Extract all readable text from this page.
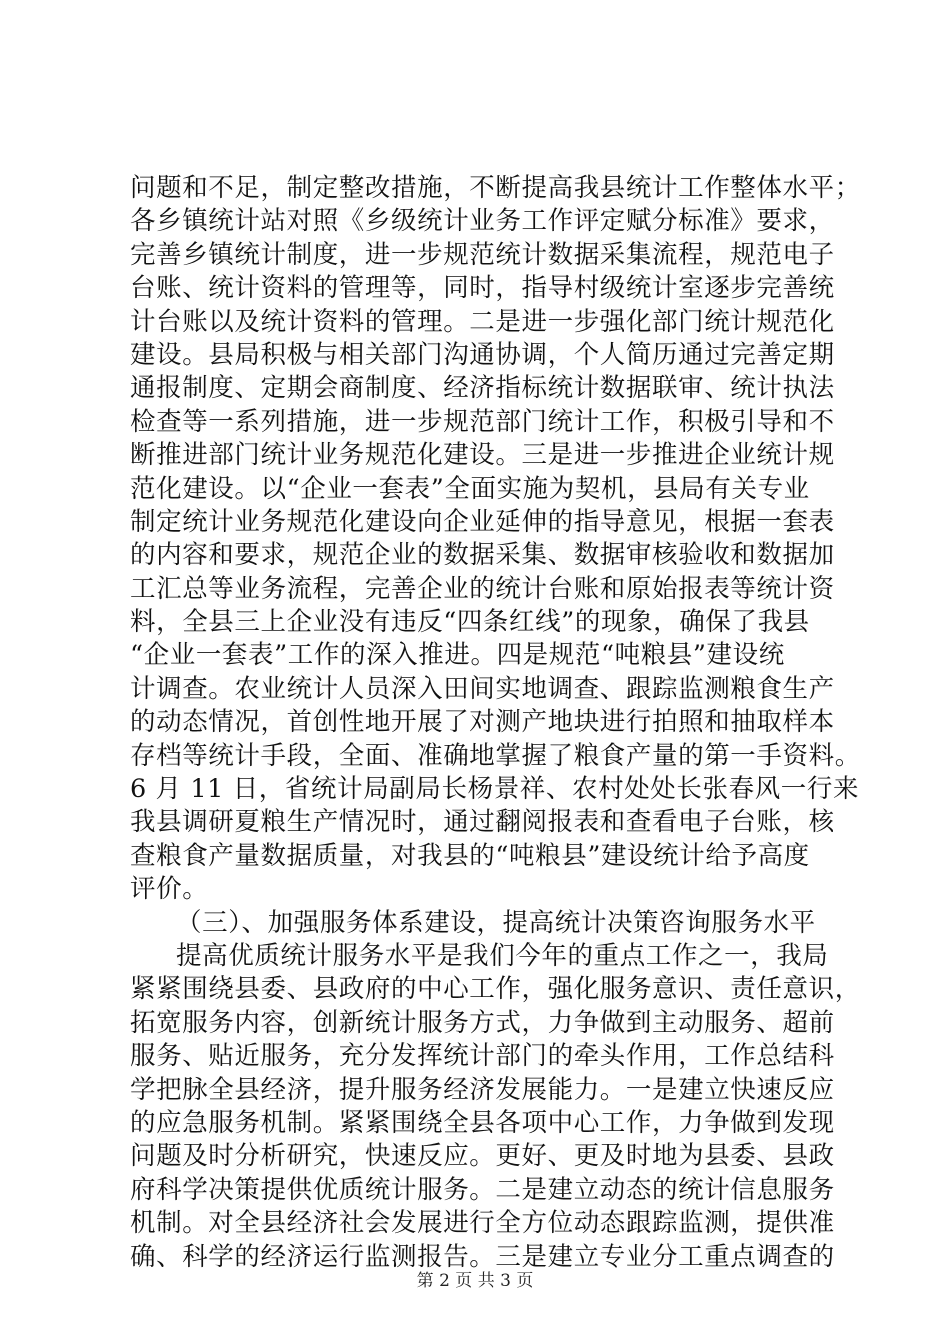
问题和不足，制定整改措施，不断提高我县统计工作整体水平；
各乡镇统计站对照《乡级统计业务工作评定赋分标准》要求，
完善乡镇统计制度，进一步规范统计数据采集流程，规范电子
台账、统计资料的管理等，同时，指导村级统计室逐步完善统
计台账以及统计资料的管理。二是进一步强化部门统计规范化
建设。县局积极与相关部门沟通协调，个人简历通过完善定期
通报制度、定期会商制度、经济指标统计数据联审、统计执法
检查等一系列措施，进一步规范部门统计工作，积极引导和不
断推进部门统计业务规范化建设。三是进一步推进企业统计规
范化建设。以“企业一套表”全面实施为契机，县局有关专业
制定统计业务规范化建设向企业延伸的指导意见，根据一套表
的内容和要求，规范企业的数据采集、数据审核验收和数据加
工汇总等业务流程，完善企业的统计台账和原始报表等统计资
料，全县三上企业没有违反“四条红线”的现象，确保了我县
“企业一套表”工作的深入推进。四是规范“吨粮县”建设统
计调查。农业统计人员深入田间实地调查、跟踪监测粮食生产
的动态情况，首创性地开展了对测产地块进行拍照和抽取样本
存档等统计手段，全面、准确地掌握了粮食产量的第一手资料。
6 月 11 日，省统计局副局长杨景祥、农村处处长张春风一行来
我县调研夏粮生产情况时，通过翻阅报表和查看电子台账，核
查粮食产量数据质量，对我县的“吨粮县”建设统计给予高度
评价。
（三）、加强服务体系建设，提高统计决策咨询服务水平
提高优质统计服务水平是我们今年的重点工作之一，我局
紧紧围绕县委、县政府的中心工作，强化服务意识、责任意识，
拓宽服务内容，创新统计服务方式，力争做到主动服务、超前
服务、贴近服务，充分发挥统计部门的牵头作用，工作总结科
学把脉全县经济，提升服务经济发展能力。一是建立快速反应
的应急服务机制。紧紧围绕全县各项中心工作，力争做到发现
问题及时分析研究，快速反应。更好、更及时地为县委、县政
府科学决策提供优质统计服务。二是建立动态的统计信息服务
机制。对全县经济社会发展进行全方位动态跟踪监测，提供准
确、科学的经济运行监测报告。三是建立专业分工重点调查的
第 2 页 共 3 页
